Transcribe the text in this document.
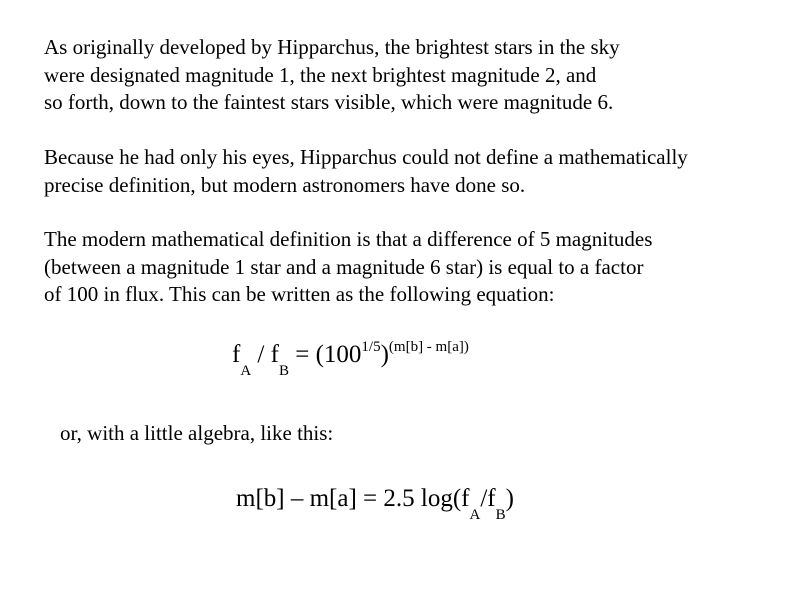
As originally developed by Hipparchus, the brightest stars in the sky
were designated magnitude 1, the next brightest magnitude 2, and
so forth, down to the faintest stars visible, which were magnitude 6.
Because he had only his eyes, Hipparchus could not define a mathematically
precise definition, but modern astronomers have done so.
The modern mathematical definition is that a difference of 5 magnitudes
(between a magnitude 1 star and a magnitude 6 star) is equal to a factor
of 100 in flux. This can be written as the following equation:
$f_A / f_B = (100^{1/5})^{(m[b] - m[a])}$

or, with a little algebra, like this:

m[b] – m[a] = 2.5 $\log(f_A/f_B)$
